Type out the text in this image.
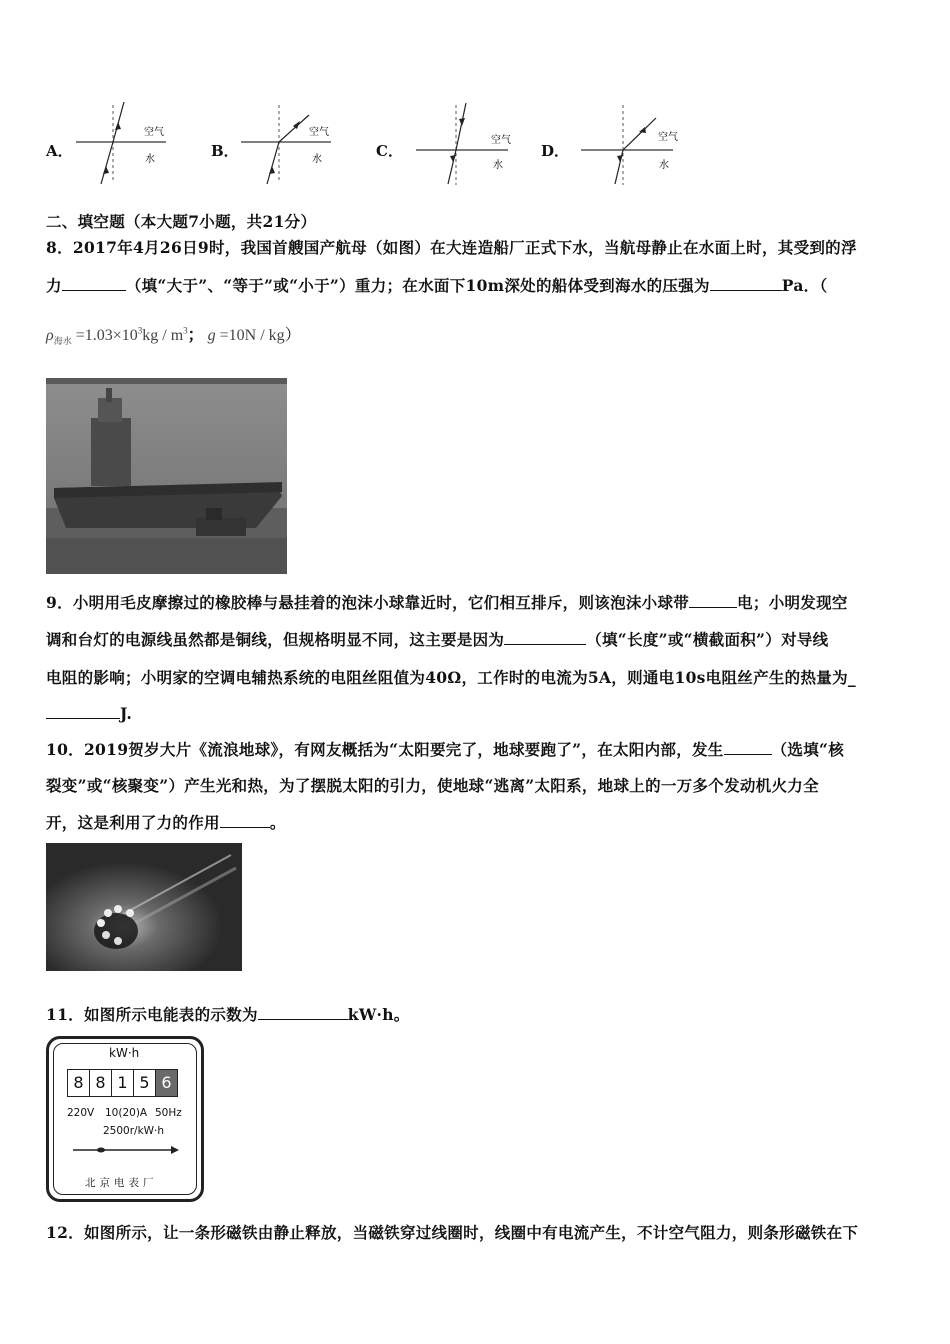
A．
空气
水	B．
空气
水	C．
空气
水
D．
空气
水
二、填空题（本大题7小题，共21分）
8．2017年4月26日9时，我国首艘国产航母（如图）在大连造船厂正式下水，当航母静止在水面上时，其受到的浮
力	（填“大于”、“等于”或“小于”）重力；在水面下10m深处的船体受到海水的压强为	Pa．（
$\rho_{海水} =1.03\times 10^3kg / m^3$； g =10N / kg）
9．小明用毛皮摩擦过的橡胶棒与悬挂着的泡沫小球靠近时，它们相互排斥，则该泡沫小球带	电；小明发现空
调和台灯的电源线虽然都是铜线，但规格明显不同，这主要是因为	（填“长度”或“横截面积”）对导线
电阻的影响；小明家的空调电辅热系统的电阻丝阻值为40Ω，工作时的电流为5A，则通电10s电阻丝产生的热量为_
J.
10．2019贺岁大片《流浪地球》，有网友概括为“太阳要完了，地球要跑了”，在太阳内部，发生	（选填“核
裂变”或“核聚变”）产生光和热，为了摆脱太阳的引力，使地球“逃离”太阳系，地球上的一万多个发动机火力全
开，这是利用了力的作用	。
11．如图所示电能表的示数为	kW·h。
kW·h
8 8 1 5 6
220V 10(20)A 50Hz
2500r/kW·h
北京电表厂
12．如图所示，让一条形磁铁由静止释放，当磁铁穿过线圈时，线圈中有电流产生，不计空气阻力，则条形磁铁在下
